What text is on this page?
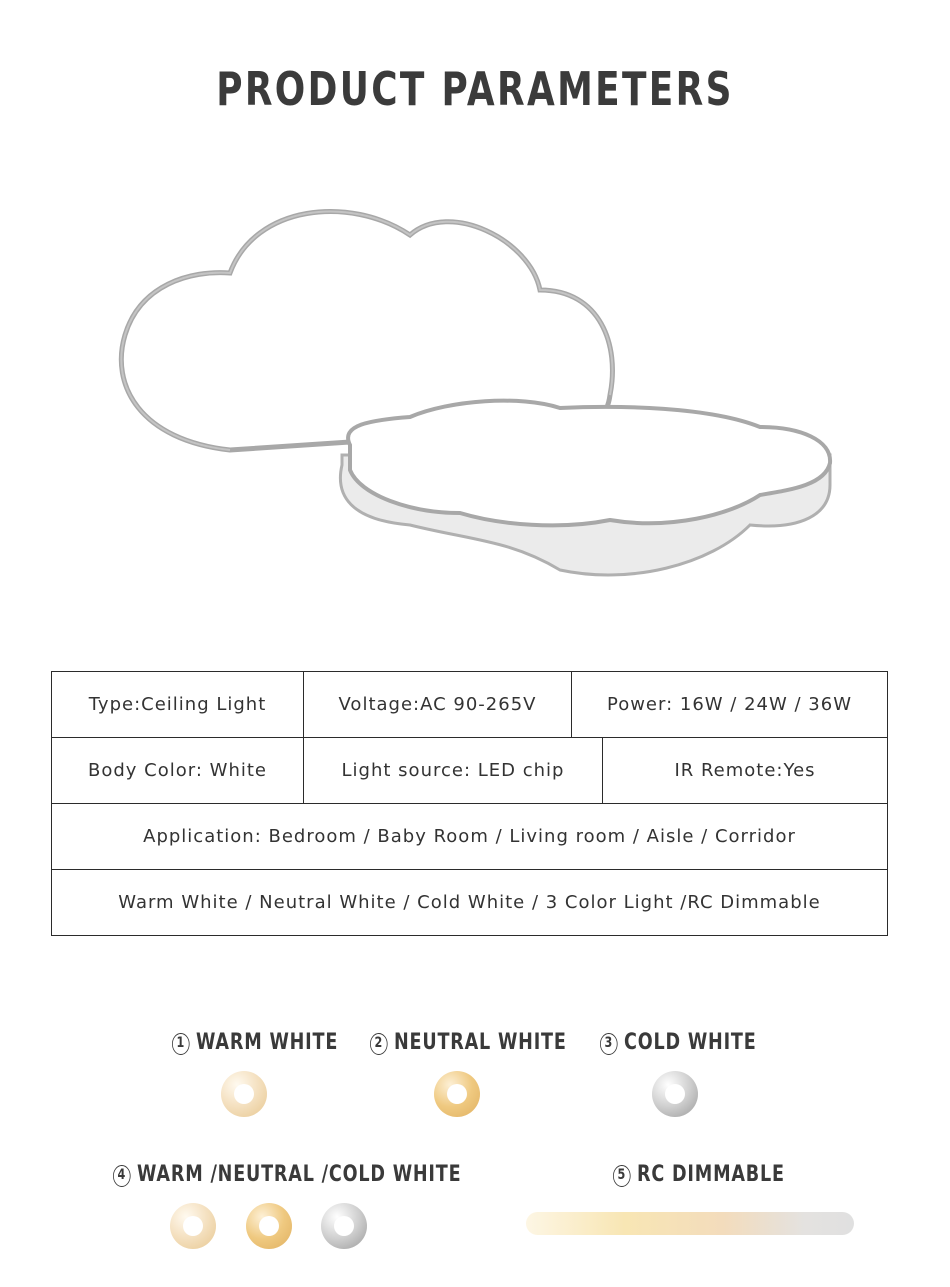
PRODUCT PARAMETERS
Type:Ceiling Light	Voltage:AC 90-265V	Power: 16W / 24W / 36W
Body Color: White	Light source: LED chip	IR Remote:Yes
Application: Bedroom / Baby Room / Living room / Aisle / Corridor
Warm White / Neutral White / Cold White / 3 Color Light /RC Dimmable
1 WARM WHITE	2 NEUTRAL WHITE	3 COLD WHITE
4 WARM /NEUTRAL /COLD WHITE	5 RC DIMMABLE
